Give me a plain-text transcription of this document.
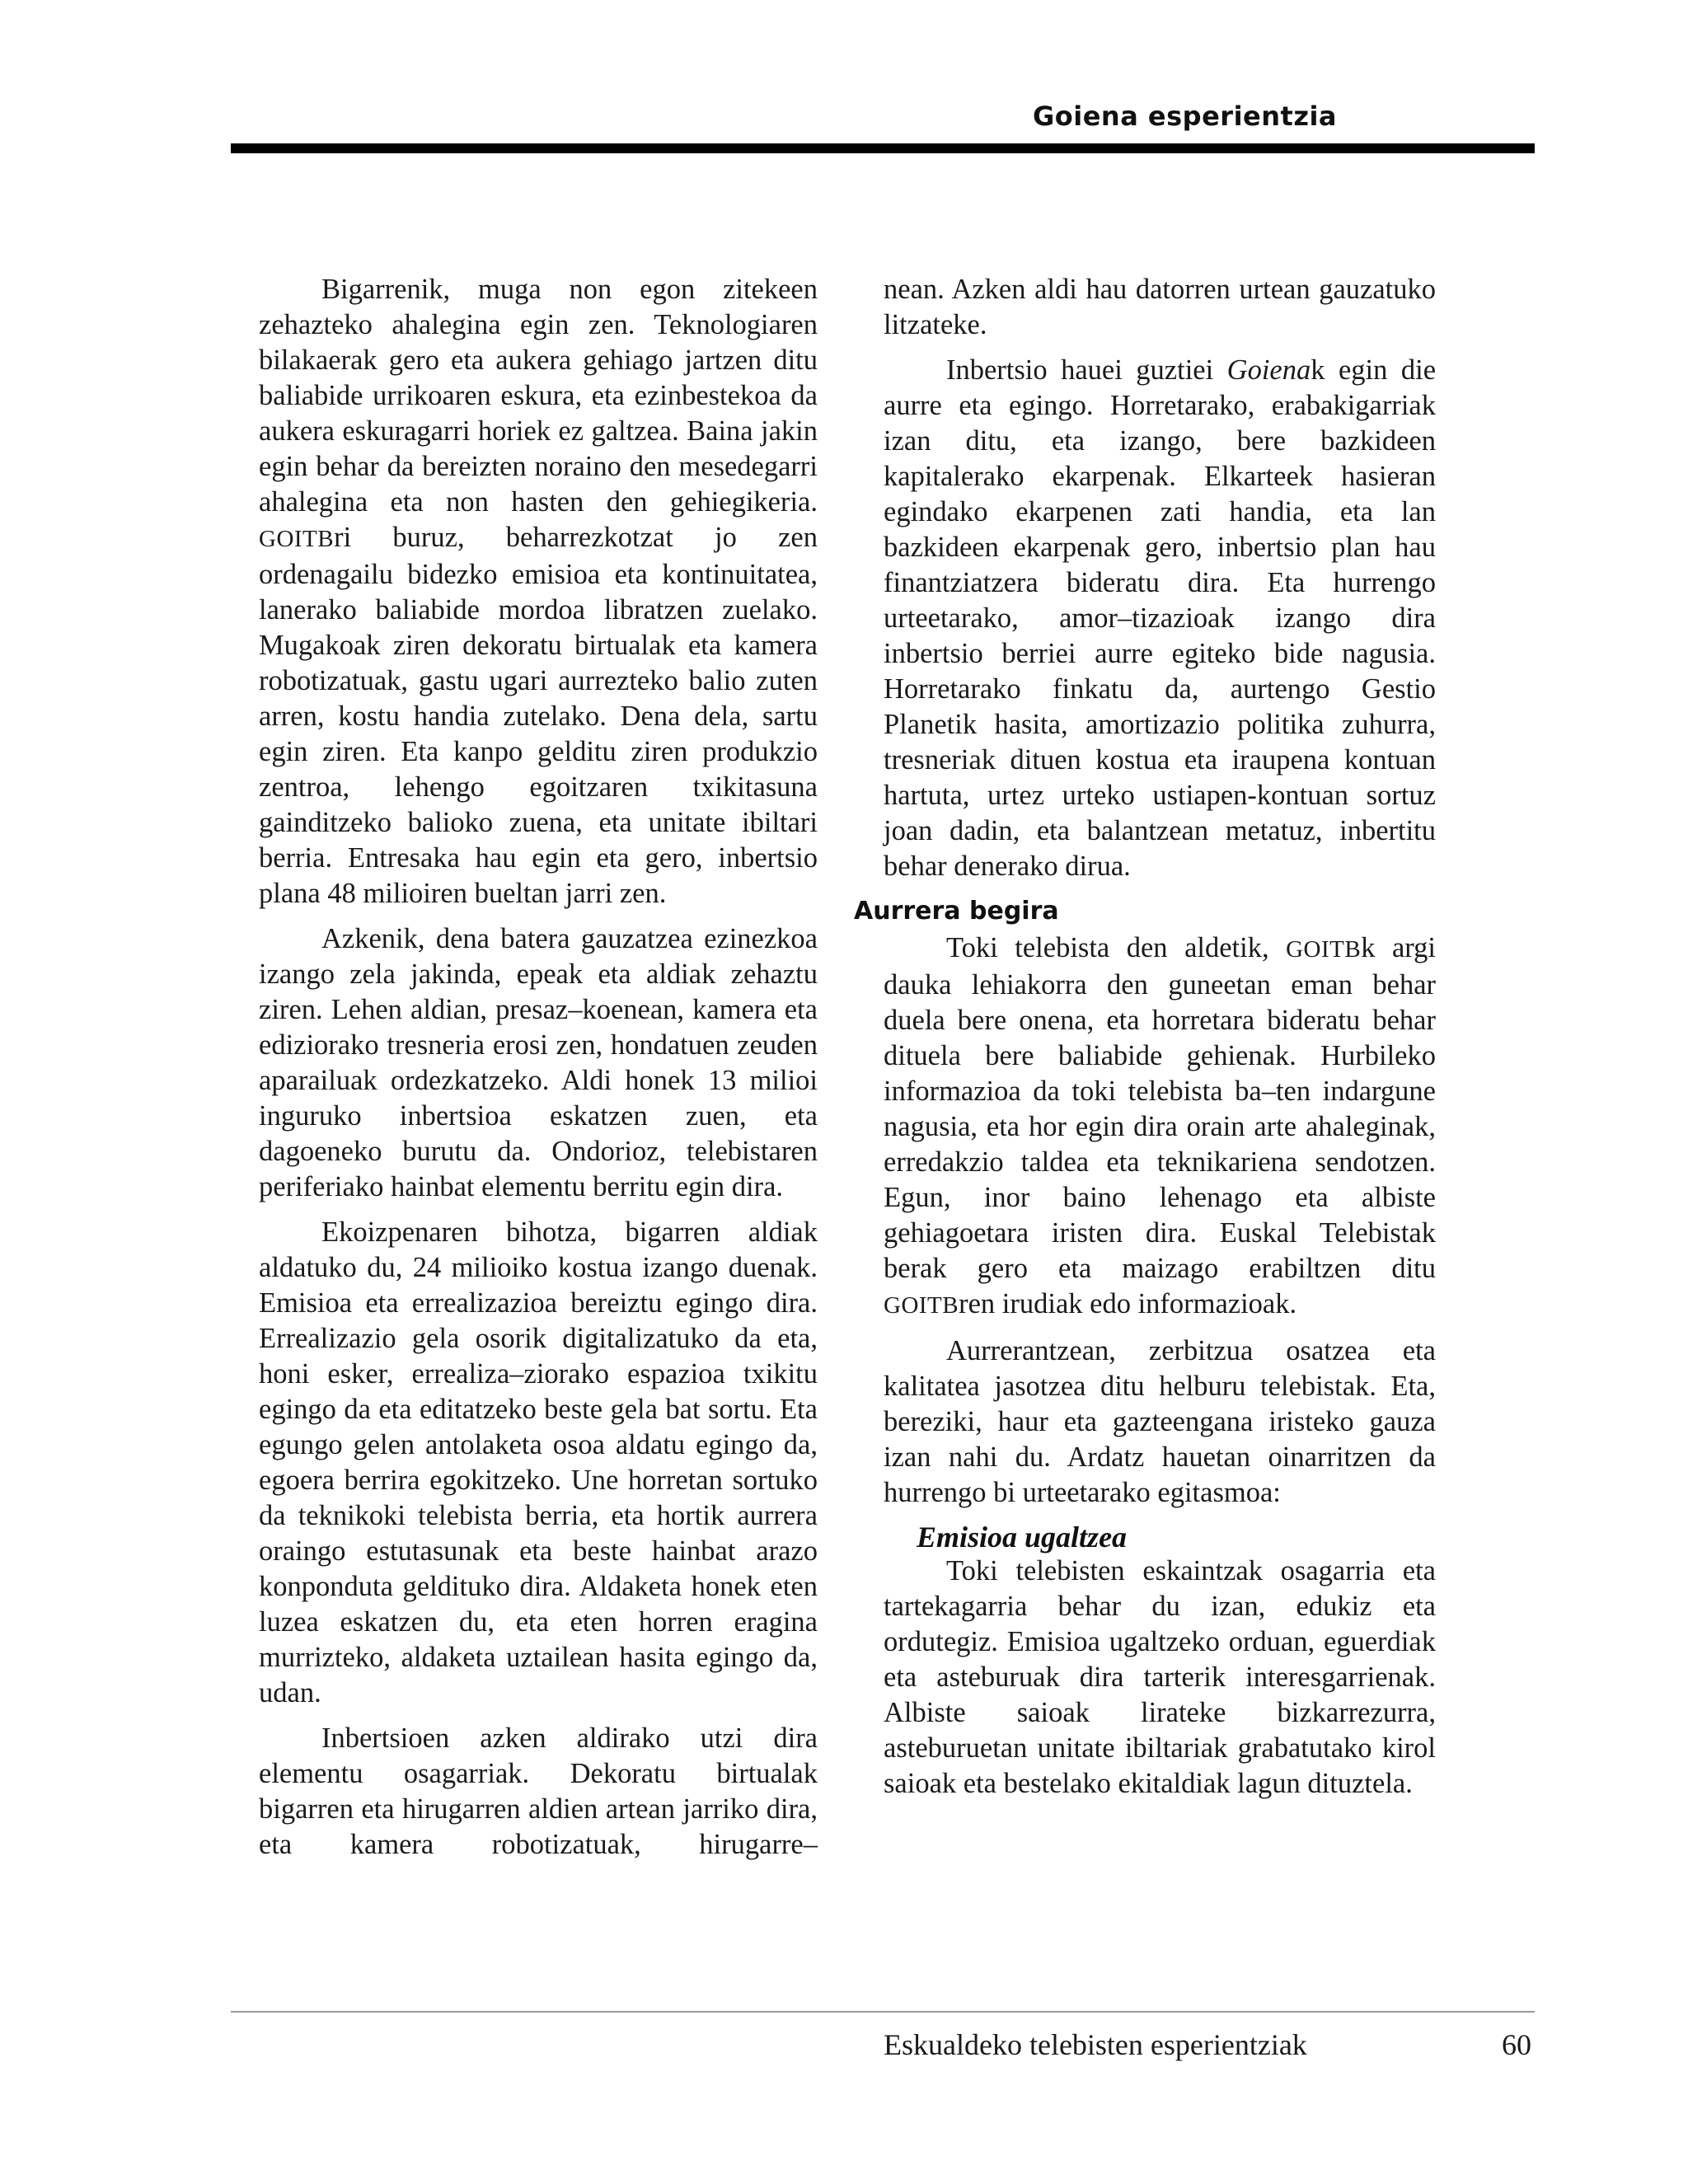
Goiena esperientzia

Bigarrenik, muga non egon zitekeen zehazteko ahalegina egin zen. Teknologiaren bilakaerak gero eta aukera gehiago jartzen ditu baliabide urrikoaren eskura, eta ezinbestekoa da aukera eskuragarri horiek ez galtzea. Baina jakin egin behar da bereizten noraino den mesedegarri ahalegina eta non hasten den gehiegikeria. GOITBri buruz, beharrezkotzat jo zen ordenagailu bidezko emisioa eta kontinuitatea, lanerako baliabide mordoa libratzen zuelako. Mugakoak ziren dekoratu birtualak eta kamera robotizatuak, gastu ugari aurrezteko balio zuten arren, kostu handia zutelako. Dena dela, sartu egin ziren. Eta kanpo gelditu ziren produkzio zentroa, lehengo egoitzaren txikitasuna gainditzeko balioko zuena, eta unitate ibiltari berria. Entresaka hau egin eta gero, inbertsio plana 48 milioiren bueltan jarri zen.

Azkenik, dena batera gauzatzea ezinezkoa izango zela jakinda, epeak eta aldiak zehaztu ziren. Lehen aldian, presaz–koenean, kamera eta ediziorako tresneria erosi zen, hondatuen zeuden aparailuak ordezkatzeko. Aldi honek 13 milioi inguruko inbertsioa eskatzen zuen, eta dagoeneko burutu da. Ondorioz, telebistaren periferiako hainbat elementu berritu egin dira.

Ekoizpenaren bihotza, bigarren aldiak aldatuko du, 24 milioiko kostua izango duenak. Emisioa eta errealizazioa bereiztu egingo dira. Errealizazio gela osorik digitalizatuko da eta, honi esker, errealiza–ziorako espazioa txikitu egingo da eta editatzeko beste gela bat sortu. Eta egungo gelen antolaketa osoa aldatu egingo da, egoera berrira egokitzeko. Une horretan sortuko da teknikoki telebista berria, eta hortik aurrera oraingo estutasunak eta beste hainbat arazo konponduta geldituko dira. Aldaketa honek eten luzea eskatzen du, eta eten horren eragina murrizteko, aldaketa uztailean hasita egingo da, udan.

Inbertsioen azken aldirako utzi dira elementu osagarriak. Dekoratu birtualak bigarren eta hirugarren aldien artean jarriko dira, eta kamera robotizatuak, hirugarre–

nean. Azken aldi hau datorren urtean gauzatuko litzateke.

Inbertsio hauei guztiei Goienak egin die aurre eta egingo. Horretarako, erabakigarriak izan ditu, eta izango, bere bazkideen kapitalerako ekarpenak. Elkarteek hasieran egindako ekarpenen zati handia, eta lan bazkideen ekarpenak gero, inbertsio plan hau finantziatzera bideratu dira. Eta hurrengo urteetarako, amor–tizazioak izango dira inbertsio berriei aurre egiteko bide nagusia. Horretarako finkatu da, aurtengo Gestio Planetik hasita, amortizazio politika zuhurra, tresneriak dituen kostua eta iraupena kontuan hartuta, urtez urteko ustiapen-kontuan sortuz joan dadin, eta balantzean metatuz, inbertitu behar denerako dirua.

Aurrera begira

Toki telebista den aldetik, GOITBk argi dauka lehiakorra den guneetan eman behar duela bere onena, eta horretara bideratu behar dituela bere baliabide gehienak. Hurbileko informazioa da toki telebista ba–ten indargune nagusia, eta hor egin dira orain arte ahaleginak, erredakzio taldea eta teknikariena sendotzen. Egun, inor baino lehenago eta albiste gehiagoetara iristen dira. Euskal Telebistak berak gero eta maizago erabiltzen ditu GOITBren irudiak edo informazioak.

Aurrerantzean, zerbitzua osatzea eta kalitatea jasotzea ditu helburu telebistak. Eta, bereziki, haur eta gazteengana iristeko gauza izan nahi du. Ardatz hauetan oinarritzen da hurrengo bi urteetarako egitasmoa:

Emisioa ugaltzea

Toki telebisten eskaintzak osagarria eta tartekagarria behar du izan, edukiz eta ordutegiz. Emisioa ugaltzeko orduan, eguerdiak eta asteburuak dira tarterik interesgarrienak. Albiste saioak lirateke bizkarrezurra, asteburuetan unitate ibiltariak grabatutako kirol saioak eta bestelako ekitaldiak lagun dituztela.

Eskualdeko telebisten esperientziak	60
